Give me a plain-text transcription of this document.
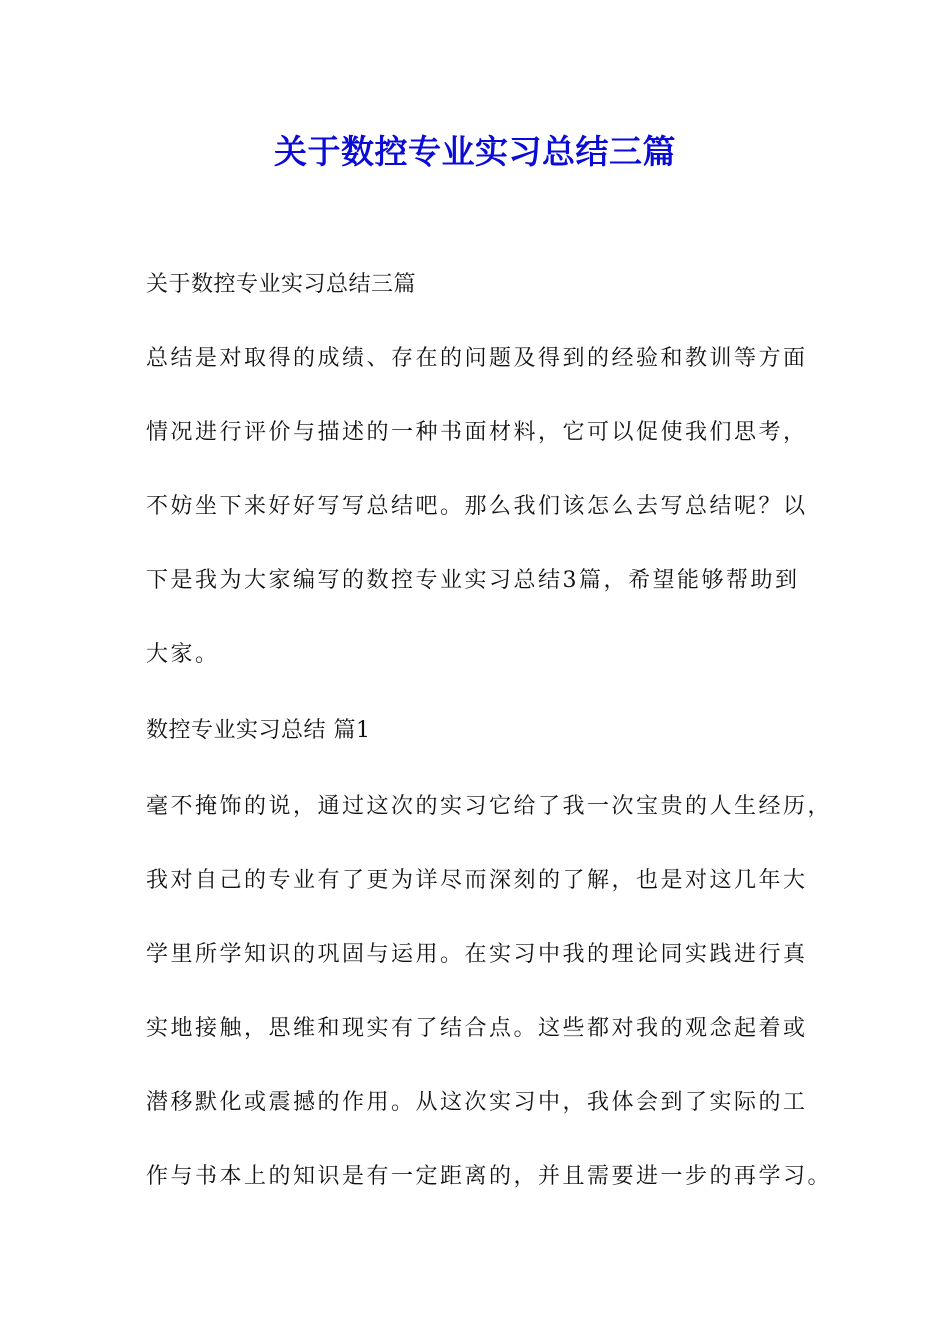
关于数控专业实习总结三篇
关于数控专业实习总结三篇
总结是对取得的成绩、存在的问题及得到的经验和教训等方面
情况进行评价与描述的一种书面材料，它可以促使我们思考，
不妨坐下来好好写写总结吧。那么我们该怎么去写总结呢？以
下是我为大家编写的数控专业实习总结3篇，希望能够帮助到
大家。
数控专业实习总结 篇1
毫不掩饰的说，通过这次的实习它给了我一次宝贵的人生经历，
我对自己的专业有了更为详尽而深刻的了解，也是对这几年大
学里所学知识的巩固与运用。在实习中我的理论同实践进行真
实地接触，思维和现实有了结合点。这些都对我的观念起着或
潜移默化或震撼的作用。从这次实习中，我体会到了实际的工
作与书本上的知识是有一定距离的，并且需要进一步的再学习。
